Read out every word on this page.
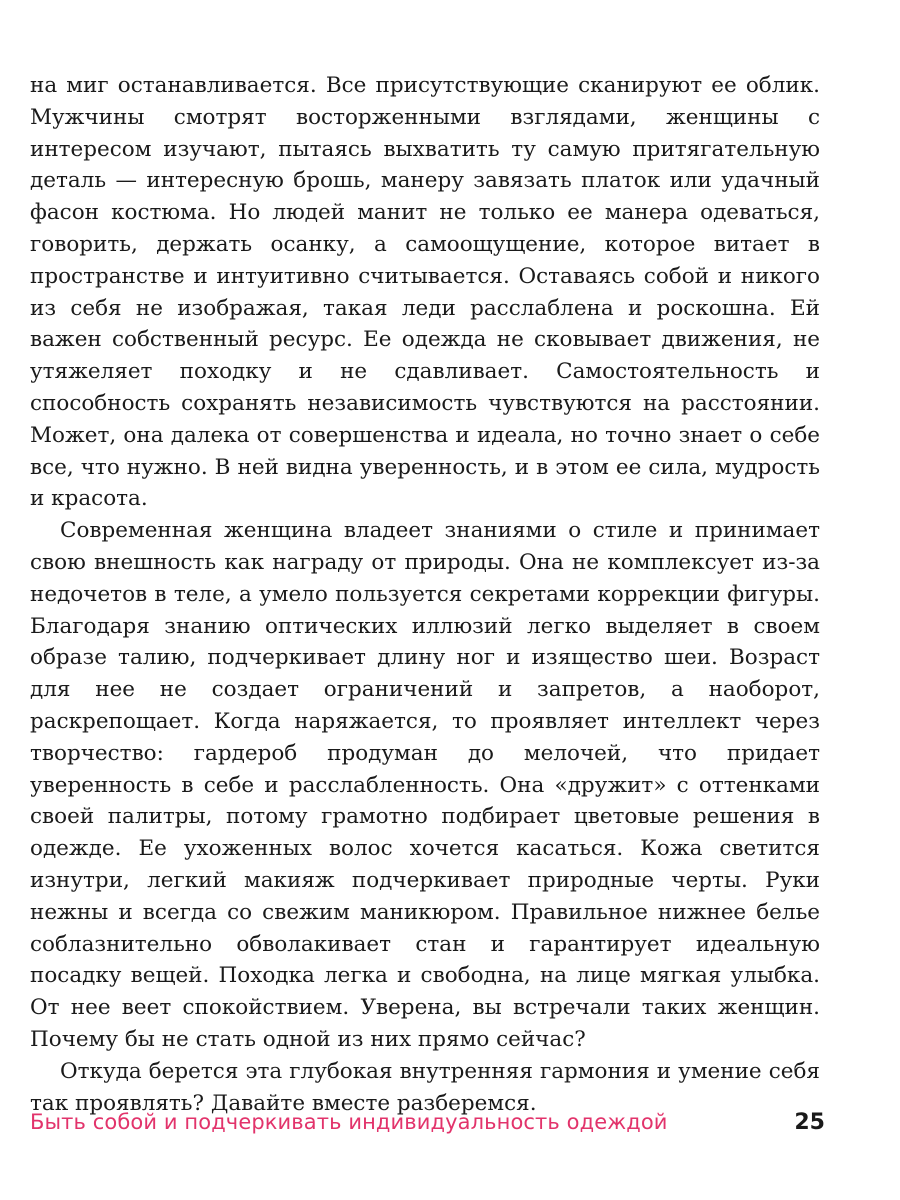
на миг останавливается. Все присутствующие сканируют ее облик. Мужчины смотрят восторженными взглядами, женщины с интересом изучают, пытаясь выхватить ту самую притягательную деталь — интересную брошь, манеру завязать платок или удачный фасон костюма. Но людей манит не только ее манера одеваться, говорить, держать осанку, а самоощущение, которое витает в пространстве и интуитивно считывается. Оставаясь собой и никого из себя не изображая, такая леди расслаблена и роскошна. Ей важен собственный ресурс. Ее одежда не сковывает движения, не утяжеляет походку и не сдавливает. Самостоятельность и способность сохранять независимость чувствуются на расстоянии. Может, она далека от совершенства и идеала, но точно знает о себе все, что нужно. В ней видна уверенность, и в этом ее сила, мудрость и красота.

Современная женщина владеет знаниями о стиле и принимает свою внешность как награду от природы. Она не комплексует из-за недочетов в теле, а умело пользуется секретами коррекции фигуры. Благодаря знанию оптических иллюзий легко выделяет в своем образе талию, подчеркивает длину ног и изящество шеи. Возраст для нее не создает ограничений и запретов, а наоборот, раскрепощает. Когда наряжается, то проявляет интеллект через творчество: гардероб продуман до мелочей, что придает уверенность в себе и расслабленность. Она «дружит» с оттенками своей палитры, потому грамотно подбирает цветовые решения в одежде. Ее ухоженных волос хочется касаться. Кожа светится изнутри, легкий макияж подчеркивает природные черты. Руки нежны и всегда со свежим маникюром. Правильное нижнее белье соблазнительно обволакивает стан и гарантирует идеальную посадку вещей. Походка легка и свободна, на лице мягкая улыбка. От нее веет спокойствием. Уверена, вы встречали таких женщин. Почему бы не стать одной из них прямо сейчас?

Откуда берется эта глубокая внутренняя гармония и умение себя так проявлять? Давайте вместе разберемся.

Быть собой и подчеркивать индивидуальность одеждой	25
